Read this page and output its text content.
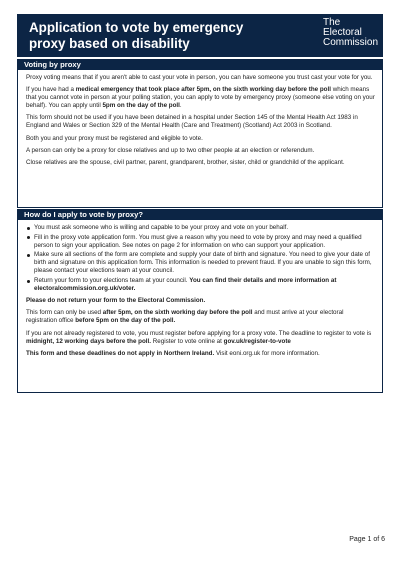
Application to vote by emergency proxy based on disability
The
Electoral
Commission
Voting by proxy

Proxy voting means that if you aren't able to cast your vote in person, you can have someone you trust cast your vote for you.

If you have had a medical emergency that took place after 5pm, on the sixth working day before the poll which means that you cannot vote in person at your polling station, you can apply to vote by emergency proxy (someone else voting on your behalf). You can apply until 5pm on the day of the poll.

This form should not be used if you have been detained in a hospital under Section 145 of the Mental Health Act 1983 in England and Wales or Section 329 of the Mental Health (Care and Treatment) (Scotland) Act 2003 in Scotland.

Both you and your proxy must be registered and eligible to vote.

A person can only be a proxy for close relatives and up to two other people at an election or referendum.

Close relatives are the spouse, civil partner, parent, grandparent, brother, sister, child or grandchild of the applicant.

How do I apply to vote by proxy?
You must ask someone who is willing and capable to be your proxy and vote on your behalf.
Fill in the proxy vote application form. You must give a reason why you need to vote by proxy and may need a qualified person to sign your application. See notes on page 2 for information on who can support your application.
Make sure all sections of the form are complete and supply your date of birth and signature. You need to give your date of birth and signature on this application form. This information is needed to prevent fraud. If you are unable to sign this form, please contact your elections team at your council.
Return your form to your elections team at your council. You can find their details and more information at electoralcommission.org.uk/voter.

Please do not return your form to the Electoral Commission.

This form can only be used after 5pm, on the sixth working day before the poll and must arrive at your electoral registration office before 5pm on the day of the poll.

If you are not already registered to vote, you must register before applying for a proxy vote. The deadline to register to vote is midnight, 12 working days before the poll. Register to vote online at gov.uk/register-to-vote

This form and these deadlines do not apply in Northern Ireland. Visit eoni.org.uk for more information.

Page 1 of 6
